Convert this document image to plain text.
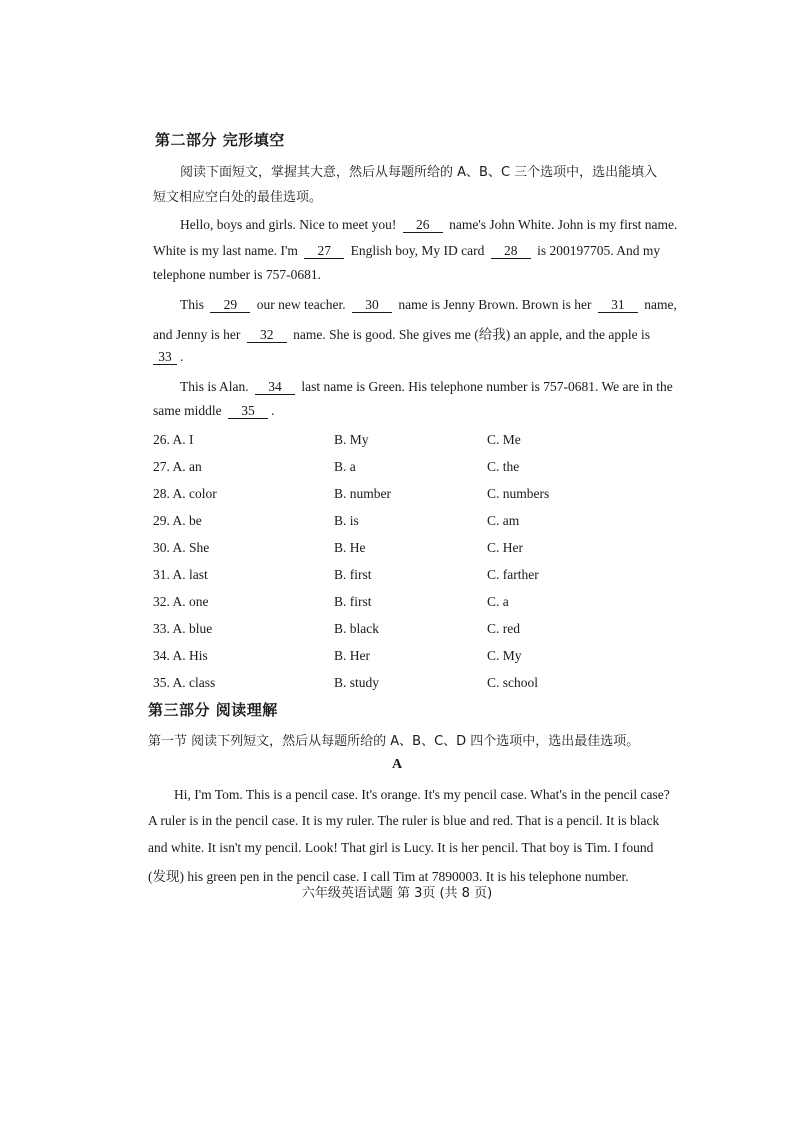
第二部分 完形填空
阅读下面短文，掌握其大意，然后从每题所给的 A、B、C 三个选项中，选出能填入
短文相应空白处的最佳选项。
Hello, boys and girls. Nice to meet you! 26 name's John White. John is my first name.
White is my last name. I'm 27 English boy, My ID card 28 is 200197705. And my
telephone number is 757-0681.
This 29 our new teacher. 30 name is Jenny Brown. Brown is her 31 name,
and Jenny is her 32 name. She is good. She gives me (给我) an apple, and the apple is
33 .
This is Alan. 34 last name is Green. His telephone number is 757-0681. We are in the
same middle 35 .
26. A. I	B. My	C. Me
27. A. an	B. a	C. the
28. A. color	B. number	C. numbers
29. A. be	B. is	C. am
30. A. She	B. He	C. Her
31. A. last	B. first	C. farther
32. A. one	B. first	C. a
33. A. blue	B. black	C. red
34. A. His	B. Her	C. My
35. A. class	B. study	C. school
第三部分 阅读理解
第一节 阅读下列短文，然后从每题所给的 A、B、C、D 四个选项中，选出最佳选项。
A
Hi, I'm Tom. This is a pencil case. It's orange. It's my pencil case. What's in the pencil case?
A ruler is in the pencil case. It is my ruler. The ruler is blue and red. That is a pencil. It is black
and white. It isn't my pencil. Look! That girl is Lucy. It is her pencil. That boy is Tim. I found
(发现) his green pen in the pencil case. I call Tim at 7890003. It is his telephone number.
六年级英语试题 第 3页 (共 8 页)
